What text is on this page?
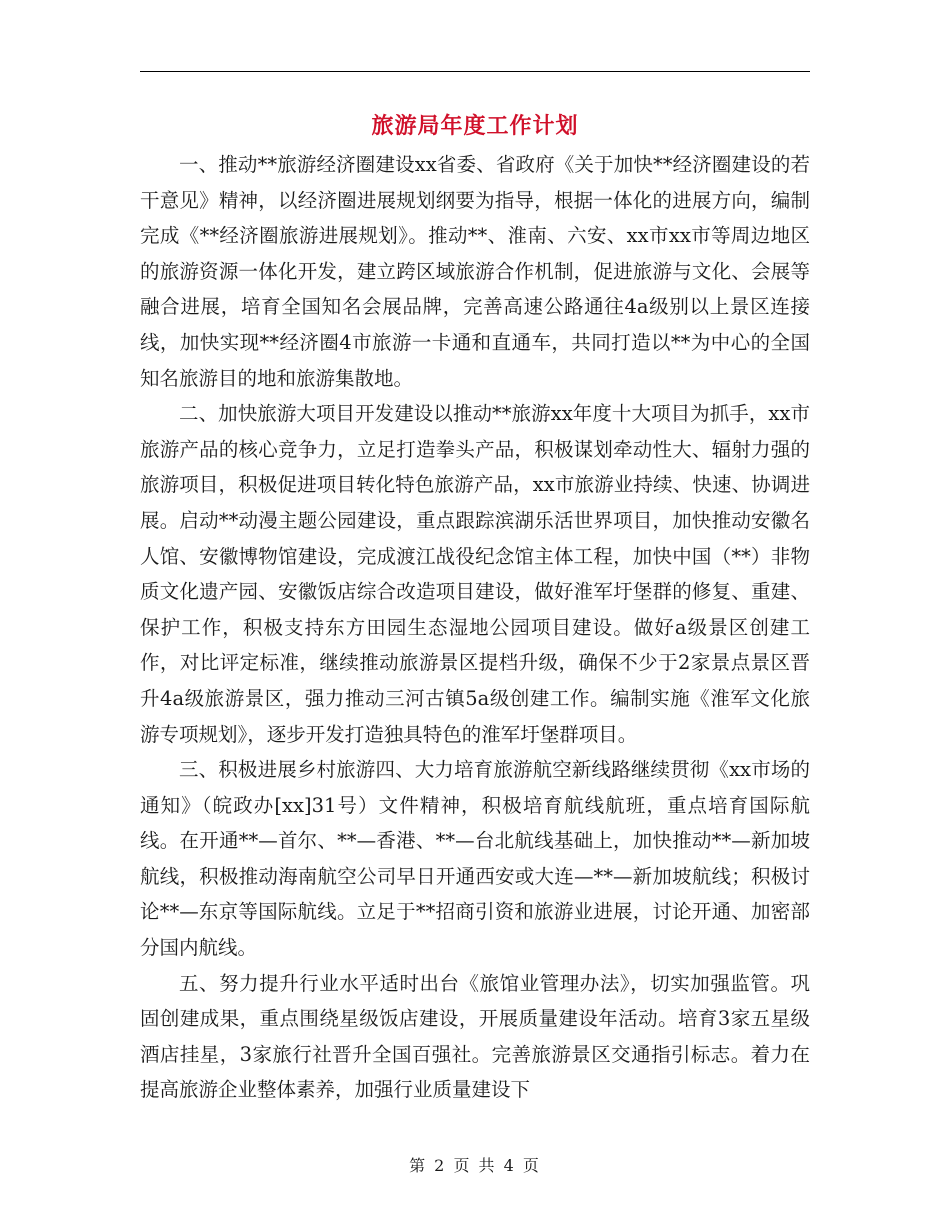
旅游局年度工作计划

一、推动**旅游经济圈建设xx省委、省政府《关于加快**经济圈建设的若干意见》精神，以经济圈进展规划纲要为指导，根据一体化的进展方向，编制完成《**经济圈旅游进展规划》。推动**、淮南、六安、xx市xx市等周边地区的旅游资源一体化开发，建立跨区域旅游合作机制，促进旅游与文化、会展等融合进展，培育全国知名会展品牌，完善高速公路通往4a级别以上景区连接线，加快实现**经济圈4市旅游一卡通和直通车，共同打造以**为中心的全国知名旅游目的地和旅游集散地。

二、加快旅游大项目开发建设以推动**旅游xx年度十大项目为抓手，xx市旅游产品的核心竞争力，立足打造拳头产品，积极谋划牵动性大、辐射力强的旅游项目，积极促进项目转化特色旅游产品，xx市旅游业持续、快速、协调进展。启动**动漫主题公园建设，重点跟踪滨湖乐活世界项目，加快推动安徽名人馆、安徽博物馆建设，完成渡江战役纪念馆主体工程，加快中国（**）非物质文化遗产园、安徽饭店综合改造项目建设，做好淮军圩堡群的修复、重建、保护工作，积极支持东方田园生态湿地公园项目建设。做好a级景区创建工作，对比评定标准，继续推动旅游景区提档升级，确保不少于2家景点景区晋升4a级旅游景区，强力推动三河古镇5a级创建工作。编制实施《淮军文化旅游专项规划》，逐步开发打造独具特色的淮军圩堡群项目。

三、积极进展乡村旅游四、大力培育旅游航空新线路继续贯彻《xx市场的通知》（皖政办[xx]31号）文件精神，积极培育航线航班，重点培育国际航线。在开通**—首尔、**—香港、**—台北航线基础上，加快推动**—新加坡航线，积极推动海南航空公司早日开通西安或大连—**—新加坡航线；积极讨论**—东京等国际航线。立足于**招商引资和旅游业进展，讨论开通、加密部分国内航线。

五、努力提升行业水平适时出台《旅馆业管理办法》，切实加强监管。巩固创建成果，重点围绕星级饭店建设，开展质量建设年活动。培育3家五星级酒店挂星，3家旅行社晋升全国百强社。完善旅游景区交通指引标志。着力在提高旅游企业整体素养，加强行业质量建设下

第 2 页 共 4 页
